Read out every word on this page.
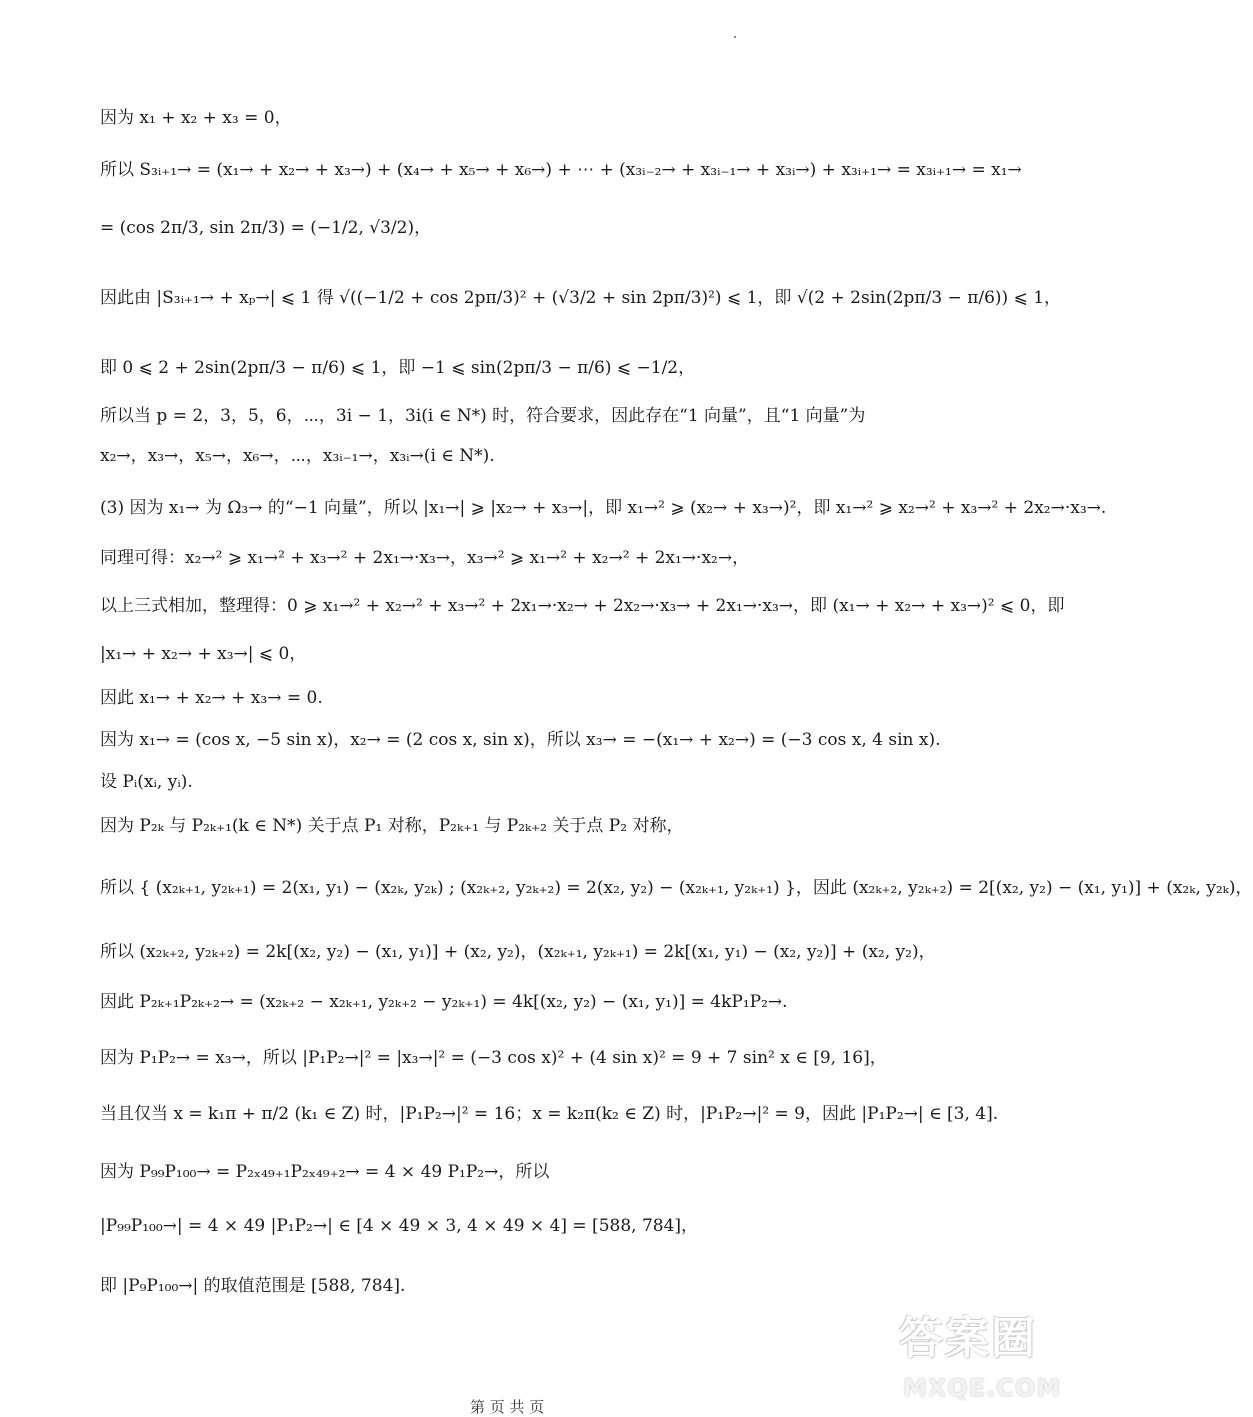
因为 x₁ + x₂ + x₃ = 0，
所以 S₃ᵢ₊₁→ = (x₁→ + x₂→ + x₃→) + (x₄→ + x₅→ + x₆→) + ⋯ + (x₃ᵢ₋₂→ + x₃ᵢ₋₁→ + x₃ᵢ→) + x₃ᵢ₊₁→ = x₃ᵢ₊₁→ = x₁→
= (cos 2π/3, sin 2π/3) = (−1/2, √3/2)，
因此由 |S₃ᵢ₊₁→ + xₚ→| ⩽ 1 得 √((−1/2 + cos 2pπ/3)² + (√3/2 + sin 2pπ/3)²) ⩽ 1，即 √(2 + 2sin(2pπ/3 − π/6)) ⩽ 1，
即 0 ⩽ 2 + 2sin(2pπ/3 − π/6) ⩽ 1，即 −1 ⩽ sin(2pπ/3 − π/6) ⩽ −1/2，
所以当 p = 2，3，5，6，⋯，3i − 1，3i(i ∈ N*) 时，符合要求，因此存在“1 向量”，且“1 向量”为
x₂→，x₃→，x₅→，x₆→，⋯，x₃ᵢ₋₁→，x₃ᵢ→(i ∈ N*).
(3) 因为 x₁→ 为 Ω₃→ 的“−1 向量”，所以 |x₁→| ⩾ |x₂→ + x₃→|，即 x₁→² ⩾ (x₂→ + x₃→)²，即 x₁→² ⩾ x₂→² + x₃→² + 2x₂→·x₃→.
同理可得：x₂→² ⩾ x₁→² + x₃→² + 2x₁→·x₃→，x₃→² ⩾ x₁→² + x₂→² + 2x₁→·x₂→，
以上三式相加，整理得：0 ⩾ x₁→² + x₂→² + x₃→² + 2x₁→·x₂→ + 2x₂→·x₃→ + 2x₁→·x₃→，即 (x₁→ + x₂→ + x₃→)² ⩽ 0，即
|x₁→ + x₂→ + x₃→| ⩽ 0，
因此 x₁→ + x₂→ + x₃→ = 0.
因为 x₁→ = (cos x, −5 sin x)，x₂→ = (2 cos x, sin x)，所以 x₃→ = −(x₁→ + x₂→) = (−3 cos x, 4 sin x).
设 Pᵢ(xᵢ, yᵢ).
因为 P₂ₖ 与 P₂ₖ₊₁(k ∈ N*) 关于点 P₁ 对称，P₂ₖ₊₁ 与 P₂ₖ₊₂ 关于点 P₂ 对称，
所以 { (x₂ₖ₊₁, y₂ₖ₊₁) = 2(x₁, y₁) − (x₂ₖ, y₂ₖ) ; (x₂ₖ₊₂, y₂ₖ₊₂) = 2(x₂, y₂) − (x₂ₖ₊₁, y₂ₖ₊₁) }，因此 (x₂ₖ₊₂, y₂ₖ₊₂) = 2[(x₂, y₂) − (x₁, y₁)] + (x₂ₖ, y₂ₖ)，
所以 (x₂ₖ₊₂, y₂ₖ₊₂) = 2k[(x₂, y₂) − (x₁, y₁)] + (x₂, y₂)，(x₂ₖ₊₁, y₂ₖ₊₁) = 2k[(x₁, y₁) − (x₂, y₂)] + (x₂, y₂)，
因此 P₂ₖ₊₁P₂ₖ₊₂→ = (x₂ₖ₊₂ − x₂ₖ₊₁, y₂ₖ₊₂ − y₂ₖ₊₁) = 4k[(x₂, y₂) − (x₁, y₁)] = 4kP₁P₂→.
因为 P₁P₂→ = x₃→，所以 |P₁P₂→|² = |x₃→|² = (−3 cos x)² + (4 sin x)² = 9 + 7 sin² x ∈ [9, 16]，
当且仅当 x = k₁π + π/2 (k₁ ∈ Z) 时，|P₁P₂→|² = 16；x = k₂π(k₂ ∈ Z) 时，|P₁P₂→|² = 9，因此 |P₁P₂→| ∈ [3, 4].
因为 P₉₉P₁₀₀→ = P₂ₓ₄₉₊₁P₂ₓ₄₉₊₂→ = 4 × 49 P₁P₂→，所以
|P₉₉P₁₀₀→| = 4 × 49 |P₁P₂→| ∈ [4 × 49 × 3, 4 × 49 × 4] = [588, 784]，
即 |P₉P₁₀₀→| 的取值范围是 [588, 784].
第 页 共 页
答案圈
MXQE.COM
